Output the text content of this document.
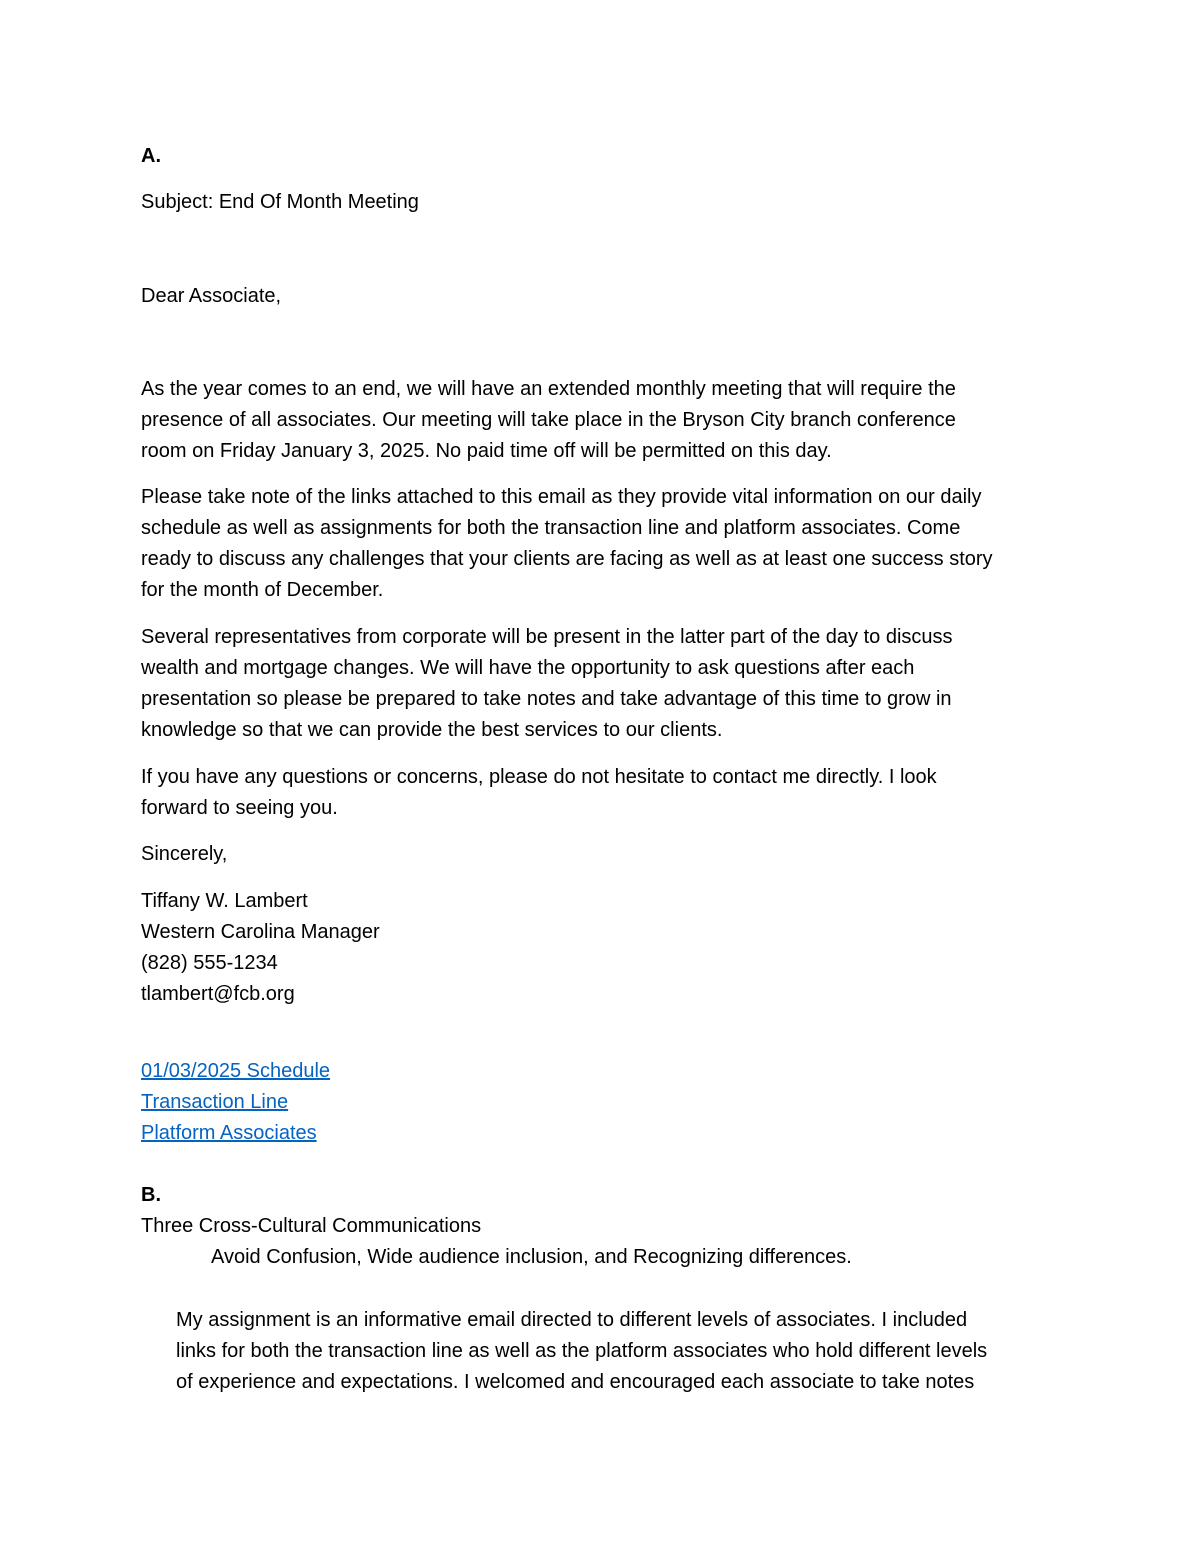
A.

Subject: End Of Month Meeting

Dear Associate,

As the year comes to an end, we will have an extended monthly meeting that will require the
presence of all associates. Our meeting will take place in the Bryson City branch conference
room on Friday January 3, 2025. No paid time off will be permitted on this day.
Please take note of the links attached to this email as they provide vital information on our daily
schedule as well as assignments for both the transaction line and platform associates. Come
ready to discuss any challenges that your clients are facing as well as at least one success story
for the month of December.
Several representatives from corporate will be present in the latter part of the day to discuss
wealth and mortgage changes. We will have the opportunity to ask questions after each
presentation so please be prepared to take notes and take advantage of this time to grow in
knowledge so that we can provide the best services to our clients.
If you have any questions or concerns, please do not hesitate to contact me directly. I look
forward to seeing you.

Sincerely,

Tiffany W. Lambert
Western Carolina Manager
(828) 555-1234
tlambert@fcb.org
01/03/2025 Schedule
Transaction Line
Platform Associates

B.

Three Cross-Cultural Communications

Avoid Confusion, Wide audience inclusion, and Recognizing differences.

My assignment is an informative email directed to different levels of associates. I included
links for both the transaction line as well as the platform associates who hold different levels
of experience and expectations. I welcomed and encouraged each associate to take notes
